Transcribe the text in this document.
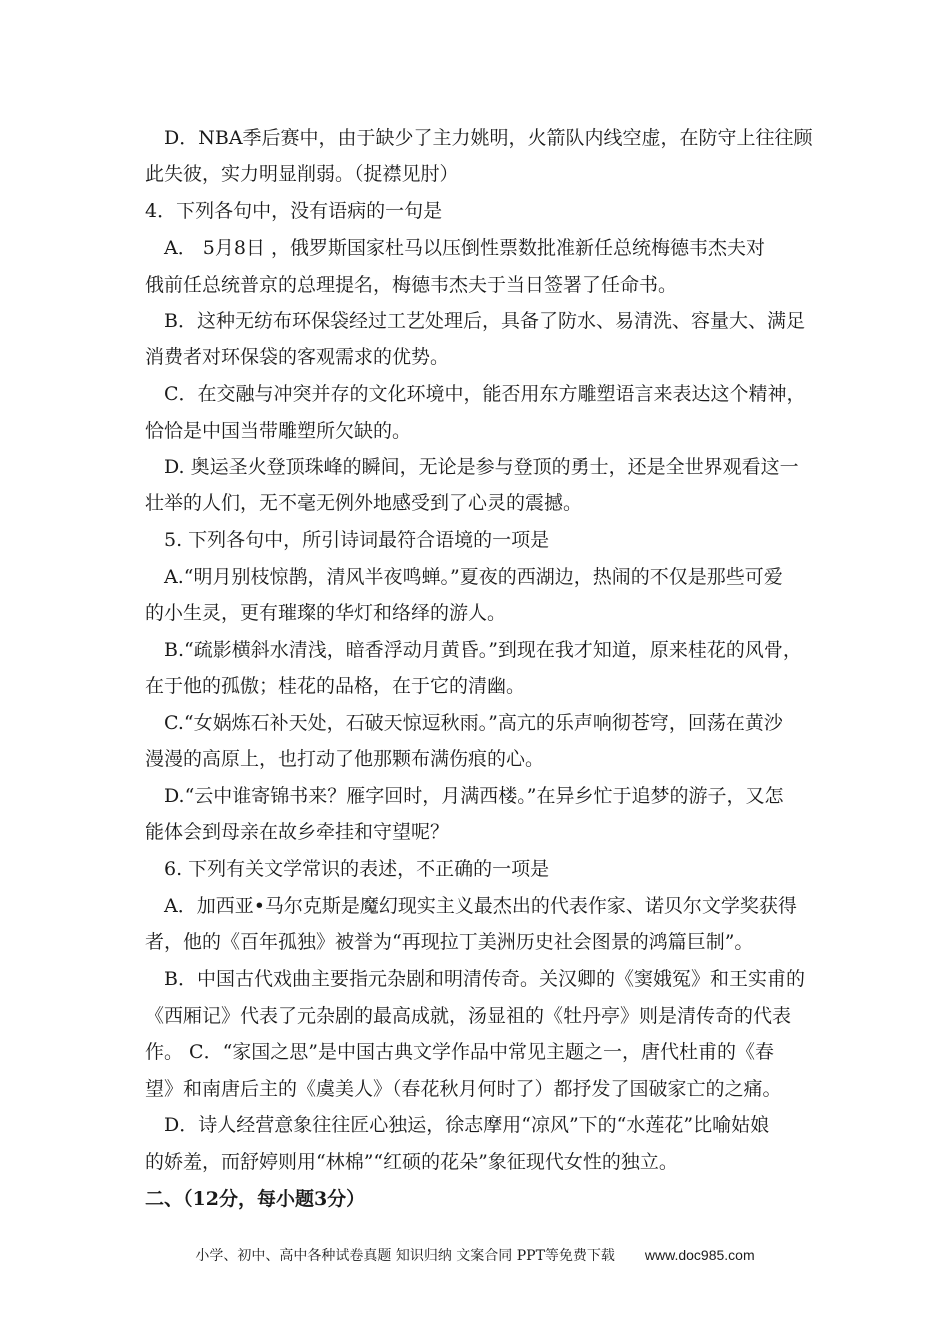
D．NBA季后赛中，由于缺少了主力姚明，火箭队内线空虚，在防守上往往顾
此失彼，实力明显削弱。（捉襟见肘）
4．下列各句中，没有语病的一句是
A． 5月8日 ，俄罗斯国家杜马以压倒性票数批准新任总统梅德韦杰夫对
俄前任总统普京的总理提名，梅德韦杰夫于当日签署了任命书。
B．这种无纺布环保袋经过工艺处理后，具备了防水、易清洗、容量大、满足
消费者对环保袋的客观需求的优势。
C．在交融与冲突并存的文化环境中，能否用东方雕塑语言来表达这个精神，
恰恰是中国当带雕塑所欠缺的。
D. 奥运圣火登顶珠峰的瞬间，无论是参与登顶的勇士，还是全世界观看这一
壮举的人们，无不毫无例外地感受到了心灵的震撼。
5. 下列各句中，所引诗词最符合语境的一项是
A.“明月别枝惊鹊，清风半夜鸣蝉。”夏夜的西湖边，热闹的不仅是那些可爱
的小生灵，更有璀璨的华灯和络绎的游人。
B.“疏影横斜水清浅，暗香浮动月黄昏。”到现在我才知道，原来桂花的风骨，
在于他的孤傲；桂花的品格，在于它的清幽。
C.“女娲炼石补天处，石破天惊逗秋雨。”高亢的乐声响彻苍穹，回荡在黄沙
漫漫的高原上，也打动了他那颗布满伤痕的心。
D.“云中谁寄锦书来？雁字回时，月满西楼。”在异乡忙于追梦的游子，又怎
能体会到母亲在故乡牵挂和守望呢？
6. 下列有关文学常识的表述，不正确的一项是
A．加西亚•马尔克斯是魔幻现实主义最杰出的代表作家、诺贝尔文学奖获得
者，他的《百年孤独》被誉为“再现拉丁美洲历史社会图景的鸿篇巨制”。
B．中国古代戏曲主要指元杂剧和明清传奇。关汉卿的《窦娥冤》和王实甫的
《西厢记》代表了元杂剧的最高成就，汤显祖的《牡丹亭》则是清传奇的代表
作。 C．“家国之思”是中国古典文学作品中常见主题之一，唐代杜甫的《春
望》和南唐后主的《虞美人》（春花秋月何时了）都抒发了国破家亡的之痛。
D．诗人经营意象往往匠心独运，徐志摩用“凉风”下的“水莲花”比喻姑娘
的娇羞，而舒婷则用“林棉”“红硕的花朵”象征现代女性的独立。
二、（12分，每小题3分）
小学、初中、高中各种试卷真题 知识归纳 文案合同 PPT等免费下载 www.doc985.com
